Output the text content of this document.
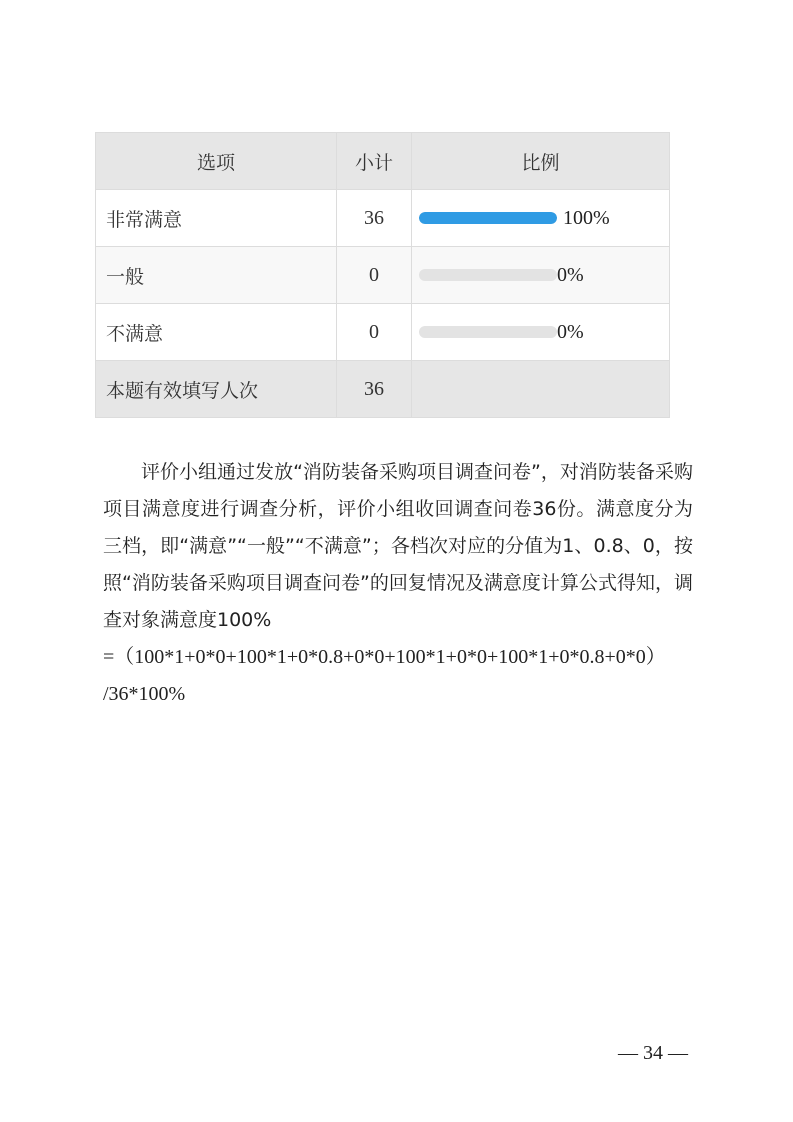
选项	小计	比例
非常满意	36	100%

一般	0	0%

不满意	0	0%

本题有效填写人次	36	

评价小组通过发放“消防装备采购项目调查问卷”，对消防装备采购项目满意度进行调查分析，评价小组收回调查问卷36份。满意度分为三档，即“满意”“一般”“不满意”；各档次对应的分值为1、0.8、0，按照“消防装备采购项目调查问卷”的回复情况及满意度计算公式得知，调查对象满意度100%

=（100*1+0*0+100*1+0*0.8+0*0+100*1+0*0+100*1+0*0.8+0*0）

/36*100%

— 34 —
